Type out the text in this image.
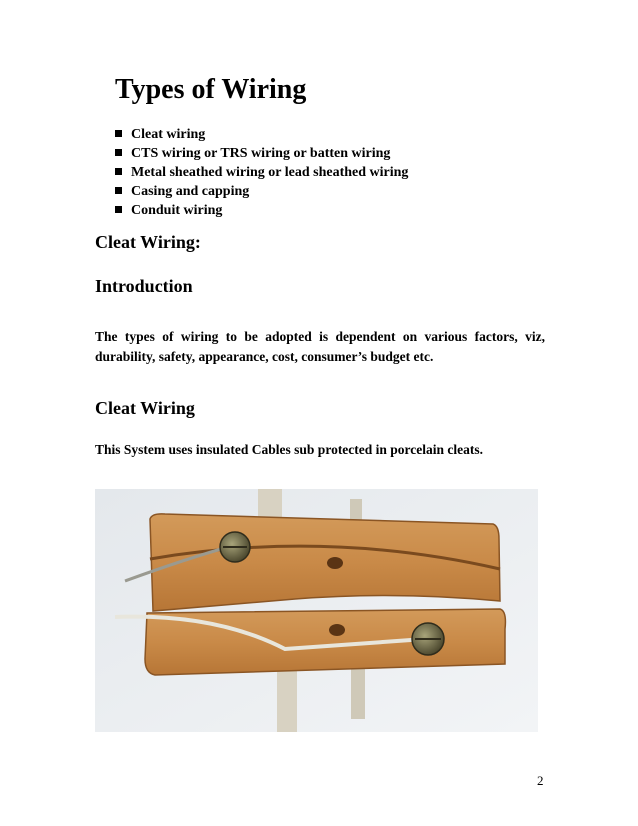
Types of Wiring
Cleat wiring
CTS wiring or TRS wiring or batten wiring
Metal sheathed wiring or lead sheathed wiring
Casing and capping
Conduit wiring
Cleat Wiring:
Introduction

The types of wiring to be adopted is dependent on various factors, viz, durability, safety, appearance, cost, consumer’s budget etc.

Cleat Wiring

This System uses insulated Cables sub protected in porcelain cleats.

2
